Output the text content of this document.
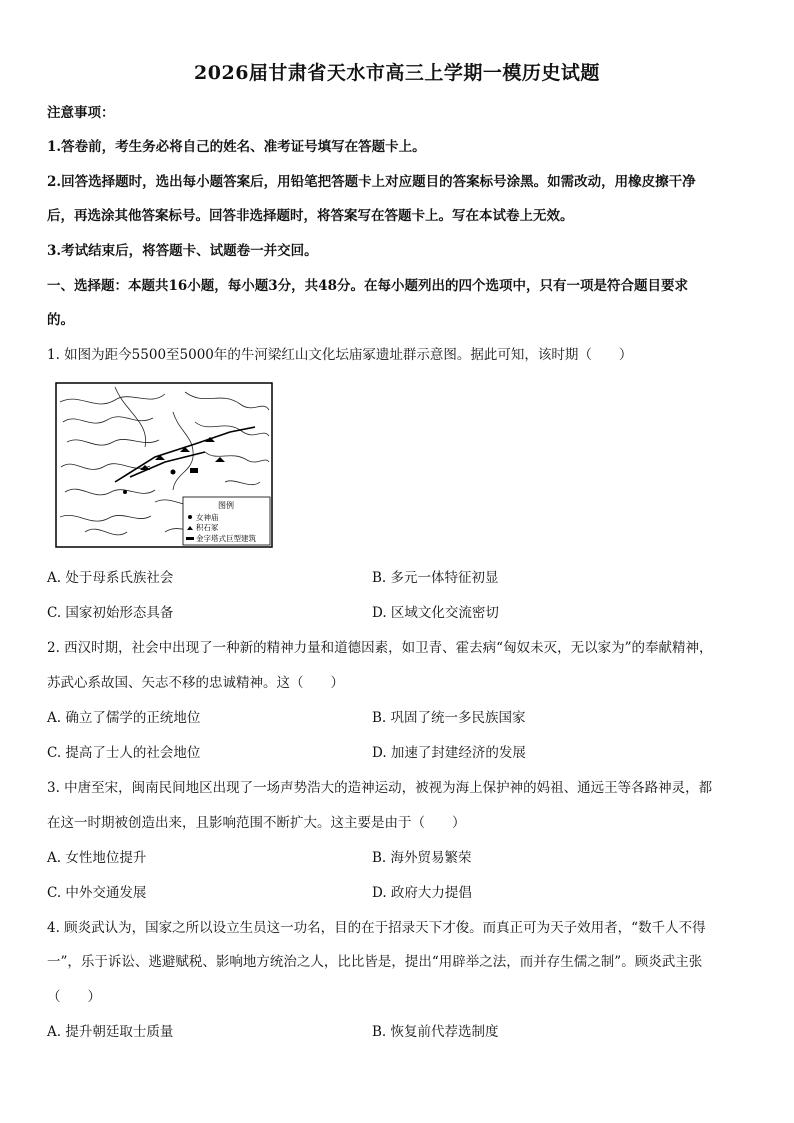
2026届甘肃省天水市高三上学期一模历史试题
注意事项：
1.答卷前，考生务必将自己的姓名、准考证号填写在答题卡上。
2.回答选择题时，选出每小题答案后，用铅笔把答题卡上对应题目的答案标号涂黑。如需改动，用橡皮擦干净
后，再选涂其他答案标号。回答非选择题时，将答案写在答题卡上。写在本试卷上无效。
3.考试结束后，将答题卡、试题卷一并交回。
一、选择题：本题共16小题，每小题3分，共48分。在每小题列出的四个选项中，只有一项是符合题目要求
的。
1. 如图为距今5500至5000年的牛河梁红山文化坛庙冢遗址群示意图。据此可知，该时期（　　）
图例
女神庙
积石冢
金字塔式巨型建筑
A. 处于母系氏族社会	B. 多元一体特征初显
C. 国家初始形态具备	D. 区域文化交流密切
2. 西汉时期，社会中出现了一种新的精神力量和道德因素，如卫青、霍去病“匈奴未灭，无以家为”的奉献精神，
苏武心系故国、矢志不移的忠诚精神。这（　　）
A. 确立了儒学的正统地位	B. 巩固了统一多民族国家
C. 提高了士人的社会地位	D. 加速了封建经济的发展
3. 中唐至宋，闽南民间地区出现了一场声势浩大的造神运动，被视为海上保护神的妈祖、通远王等各路神灵，都
在这一时期被创造出来，且影响范围不断扩大。这主要是由于（　　）
A. 女性地位提升	B. 海外贸易繁荣
C. 中外交通发展	D. 政府大力提倡
4. 顾炎武认为，国家之所以设立生员这一功名，目的在于招录天下才俊。而真正可为天子效用者，“数千人不得
一”，乐于诉讼、逃避赋税、影响地方统治之人，比比皆是，提出“用辟举之法，而并存生儒之制”。顾炎武主张
（　　）
A. 提升朝廷取士质量	B. 恢复前代荐选制度
